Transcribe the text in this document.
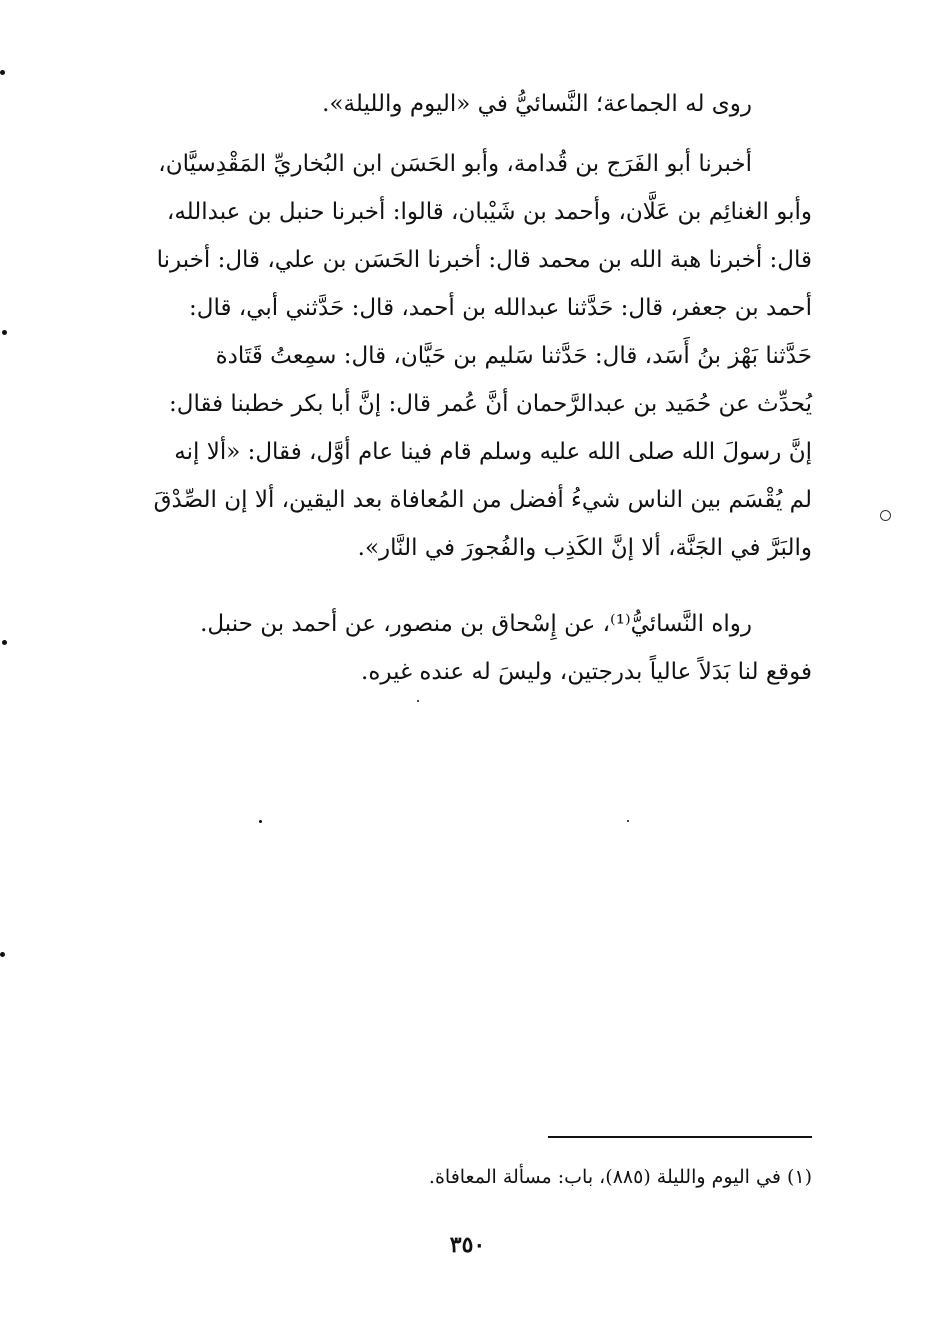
روى له الجماعة؛ النَّسائيُّ في «اليوم والليلة».
أخبرنا أبو الفَرَج بن قُدامة، وأبو الحَسَن ابن البُخاريِّ المَقْدِسيَّان،
وأبو الغنائِم بن عَلَّان، وأحمد بن شَيْبان، قالوا: أخبرنا حنبل بن عبدالله،
قال: أخبرنا هبة الله بن محمد قال: أخبرنا الحَسَن بن علي، قال: أخبرنا
أحمد بن جعفر، قال: حَدَّثنا عبدالله بن أحمد، قال: حَدَّثني أبي، قال:
حَدَّثنا بَهْز بنُ أَسَد، قال: حَدَّثنا سَليم بن حَيَّان، قال: سمِعتُ قَتَادة
يُحدِّث عن حُمَيد بن عبدالرَّحمان أنَّ عُمر قال: إنَّ أبا بكر خطبنا فقال:
إنَّ رسولَ الله صلى الله عليه وسلم قام فينا عام أوَّل، فقال: «ألا إنه
لم يُقْسَم بين الناس شيءُ أفضل من المُعافاة بعد اليقين، ألا إن الصِّدْقَ
والبَرَّ في الجَنَّة، ألا إنَّ الكَذِب والفُجورَ في النَّار».
رواه النَّسائيُّ⁽¹⁾، عن إِسْحاق بن منصور، عن أحمد بن حنبل.
فوقع لنا بَدَلاً عالياً بدرجتين، وليسَ له عنده غيره.
(١) في اليوم والليلة (٨٨٥)، باب: مسألة المعافاة.
٣٥٠
